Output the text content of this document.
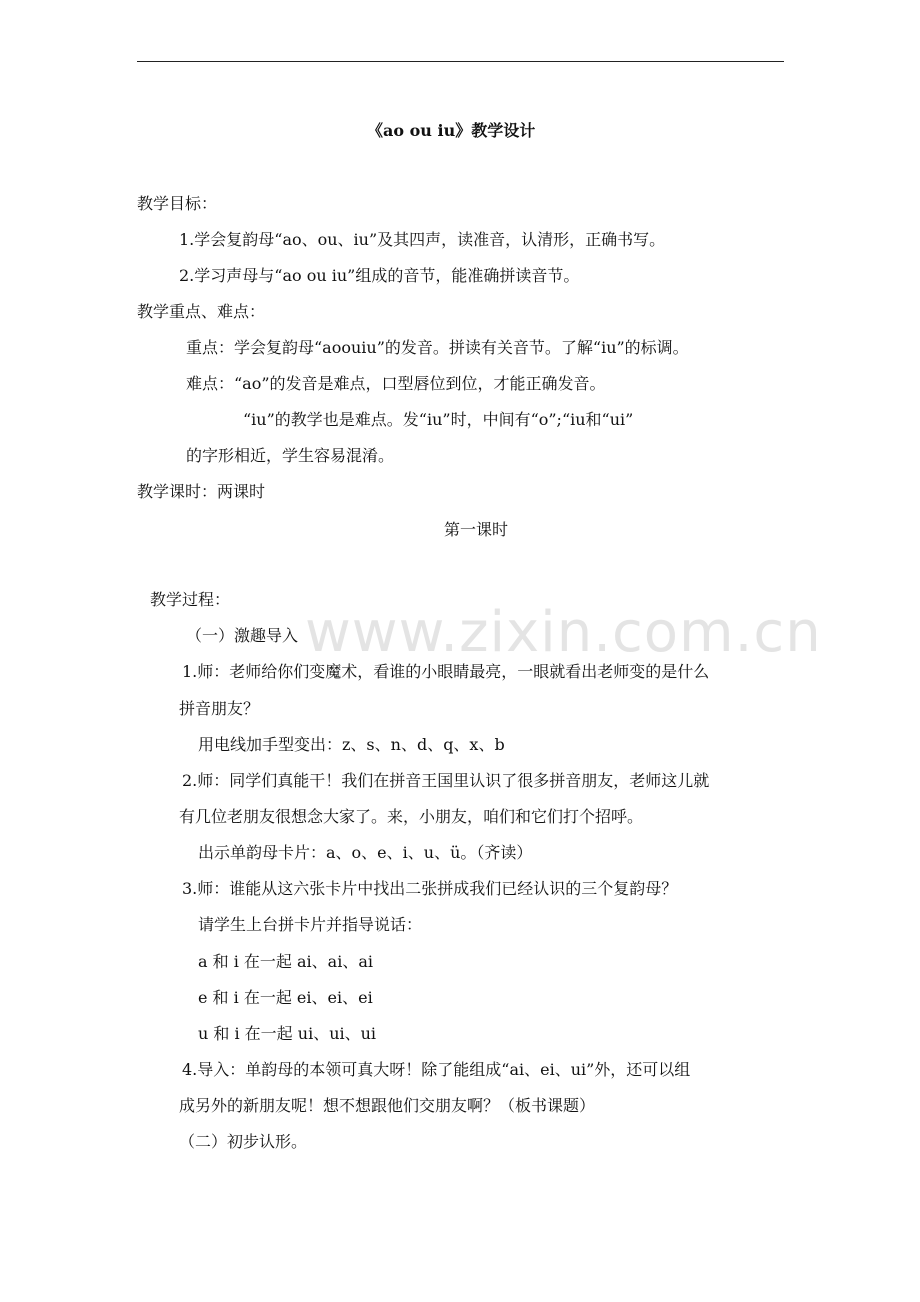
www.zixin.com.cn
《ao ou iu》教学设计
教学目标：
1.学会复韵母“ao、ou、iu”及其四声，读准音，认清形，正确书写。
2.学习声母与“ao ou iu”组成的音节，能准确拼读音节。
教学重点、难点：
重点：学会复韵母“aoouiu”的发音。拼读有关音节。了解“iu”的标调。
难点：“ao”的发音是难点，口型唇位到位，才能正确发音。
“iu”的教学也是难点。发“iu”时，中间有“o”;“iu和“ui”
的字形相近，学生容易混淆。
教学课时：两课时
第一课时
教学过程：
（一）激趣导入
1.师：老师给你们变魔术，看谁的小眼睛最亮，一眼就看出老师变的是什么
拼音朋友？
用电线加手型变出：z、s、n、d、q、x、b
2.师：同学们真能干！我们在拼音王国里认识了很多拼音朋友，老师这儿就
有几位老朋友很想念大家了。来，小朋友，咱们和它们打个招呼。
出示单韵母卡片：a、o、e、i、u、ü。（齐读）
3.师：谁能从这六张卡片中找出二张拼成我们已经认识的三个复韵母？
请学生上台拼卡片并指导说话：
a 和 i 在一起 ai、ai、ai
e 和 i 在一起 ei、ei、ei
u 和 i 在一起 ui、ui、ui
4.导入：单韵母的本领可真大呀！除了能组成“ai、ei、ui”外，还可以组
成另外的新朋友呢！想不想跟他们交朋友啊？（板书课题）
（二）初步认形。
